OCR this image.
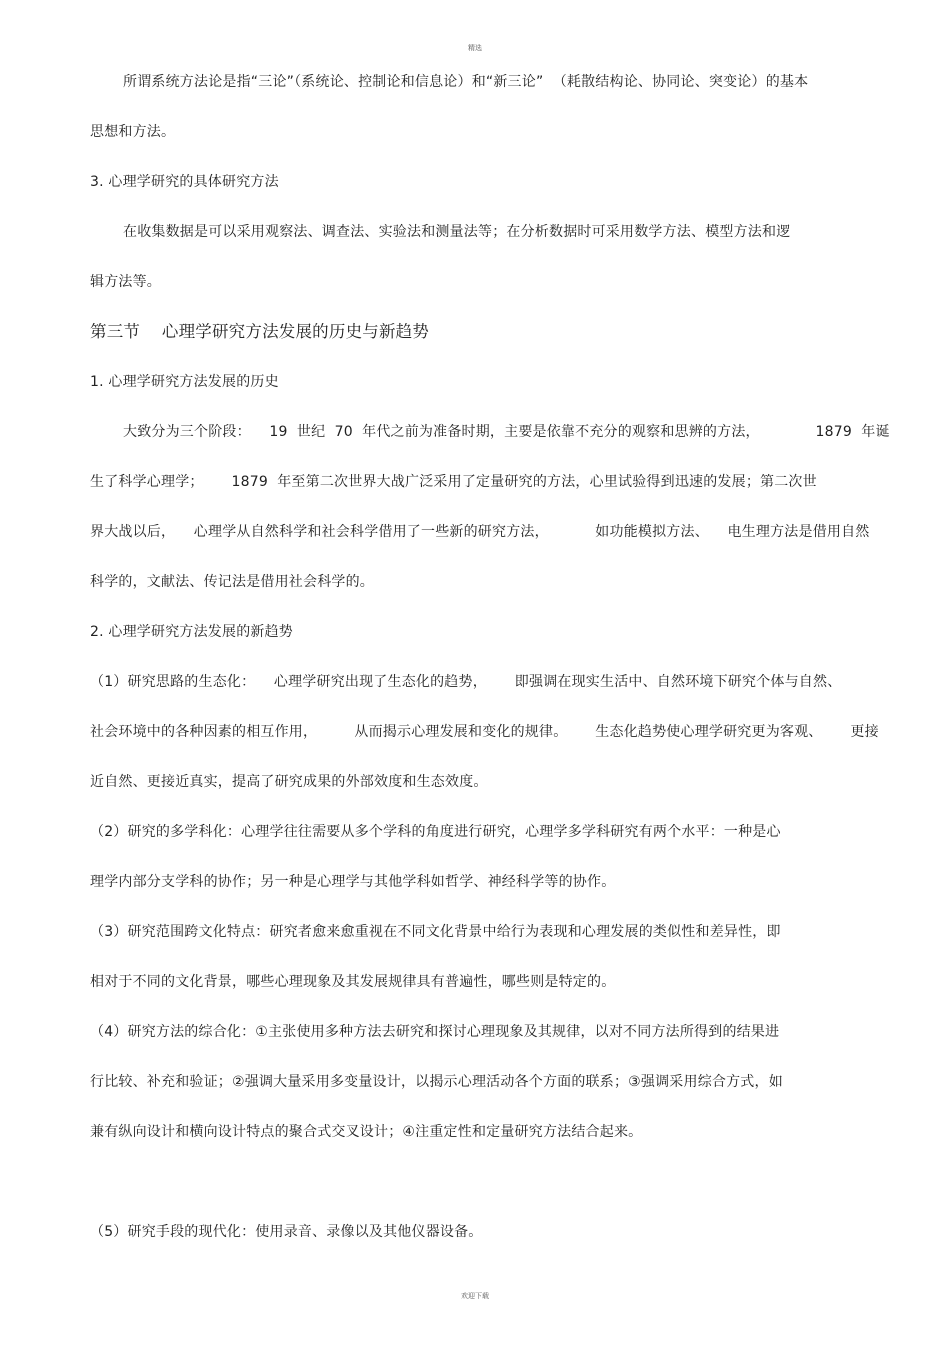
精选
所谓系统方法论是指“三论”（系统论、控制论和信息论）和“新三论”  （耗散结构论、协同论、突变论）的基本
思想和方法。
3. 心理学研究的具体研究方法
在收集数据是可以采用观察法、调查法、实验法和测量法等；在分析数据时可采用数学方法、模型方法和逻
辑方法等。
第三节    心理学研究方法发展的历史与新趋势
1. 心理学研究方法发展的历史
大致分为三个阶段：    19  世纪  70  年代之前为准备时期，主要是依靠不充分的观察和思辨的方法，            1879  年诞
生了科学心理学；      1879  年至第二次世界大战广泛采用了定量研究的方法，心里试验得到迅速的发展；第二次世
界大战以后，    心理学从自然科学和社会科学借用了一些新的研究方法，          如功能模拟方法、    电生理方法是借用自然
科学的，文献法、传记法是借用社会科学的。
2. 心理学研究方法发展的新趋势
（1）研究思路的生态化：    心理学研究出现了生态化的趋势，      即强调在现实生活中、自然环境下研究个体与自然、
社会环境中的各种因素的相互作用，        从而揭示心理发展和变化的规律。      生态化趋势使心理学研究更为客观、      更接
近自然、更接近真实，提高了研究成果的外部效度和生态效度。
（2）研究的多学科化：心理学往往需要从多个学科的角度进行研究，心理学多学科研究有两个水平：一种是心
理学内部分支学科的协作；另一种是心理学与其他学科如哲学、神经科学等的协作。
（3）研究范围跨文化特点：研究者愈来愈重视在不同文化背景中给行为表现和心理发展的类似性和差异性，即
相对于不同的文化背景，哪些心理现象及其发展规律具有普遍性，哪些则是特定的。
（4）研究方法的综合化：①主张使用多种方法去研究和探讨心理现象及其规律，以对不同方法所得到的结果进
行比较、补充和验证；②强调大量采用多变量设计，以揭示心理活动各个方面的联系；③强调采用综合方式，如
兼有纵向设计和横向设计特点的聚合式交叉设计；④注重定性和定量研究方法结合起来。
（5）研究手段的现代化：使用录音、录像以及其他仪器设备。
欢迎下载
